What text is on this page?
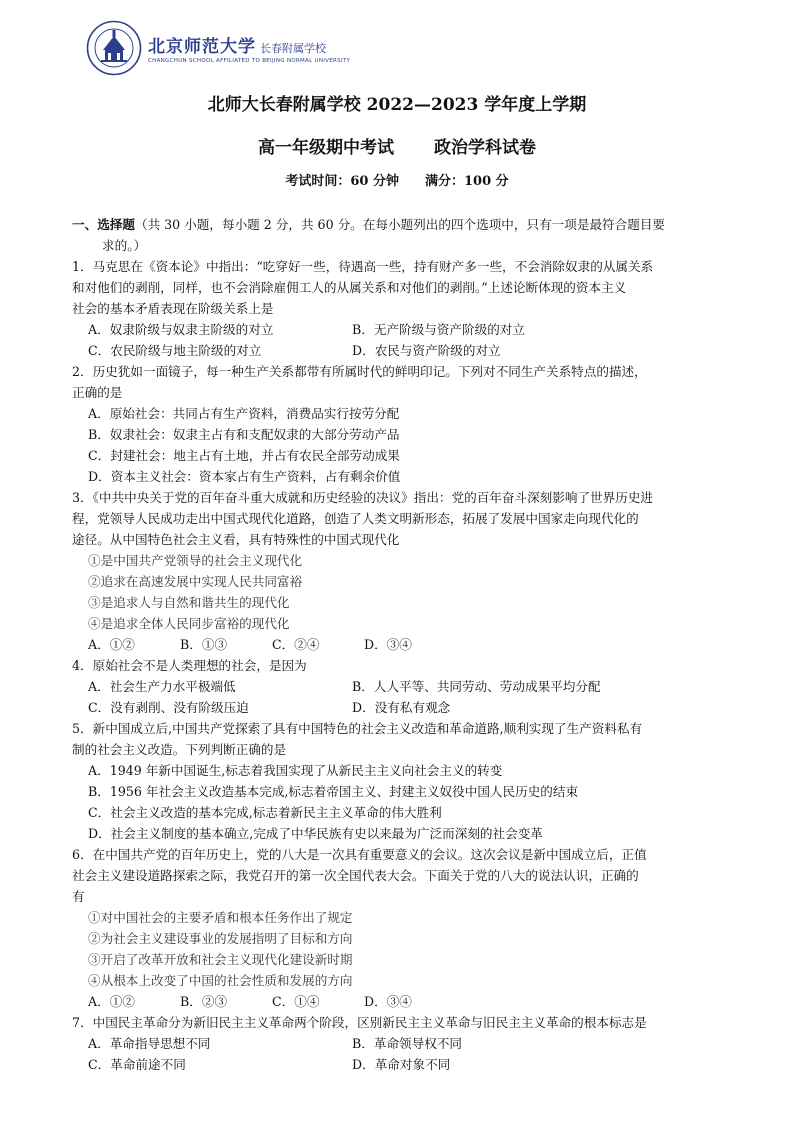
北京师范大学 长春附属学校
CHANGCHUN SCHOOL AFFILIATED TO BEIJING NORMAL UNIVERSITY
北师大长春附属学校 2022—2023 学年度上学期
高一年级期中考试 政治学科试卷
考试时间：60 分钟 满分：100 分
一、选择题（共 30 小题，每小题 2 分，共 60 分。在每小题列出的四个选项中，只有一项是最符合题目要
求的。）
1．马克思在《资本论》中指出：“吃穿好一些，待遇高一些，持有财产多一些，不会消除奴隶的从属关系
和对他们的剥削，同样，也不会消除雇佣工人的从属关系和对他们的剥削。”上述论断体现的资本主义
社会的基本矛盾表现在阶级关系上是
A．奴隶阶级与奴隶主阶级的对立	B．无产阶级与资产阶级的对立
C．农民阶级与地主阶级的对立	D．农民与资产阶级的对立
2．历史犹如一面镜子，每一种生产关系都带有所属时代的鲜明印记。下列对不同生产关系特点的描述，
正确的是
A．原始社会：共同占有生产资料，消费品实行按劳分配
B．奴隶社会：奴隶主占有和支配奴隶的大部分劳动产品
C．封建社会：地主占有土地，并占有农民全部劳动成果
D．资本主义社会：资本家占有生产资料，占有剩余价值
3．《中共中央关于党的百年奋斗重大成就和历史经验的决议》指出：党的百年奋斗深刻影响了世界历史进
程，党领导人民成功走出中国式现代化道路，创造了人类文明新形态，拓展了发展中国家走向现代化的
途径。从中国特色社会主义看，具有特殊性的中国式现代化
①是中国共产党领导的社会主义现代化
②追求在高速发展中实现人民共同富裕
③是追求人与自然和谐共生的现代化
④是追求全体人民同步富裕的现代化
A．①②	B．①③	C．②④	D．③④
4．原始社会不是人类理想的社会，是因为
A．社会生产力水平极端低	B．人人平等、共同劳动、劳动成果平均分配
C．没有剥削、没有阶级压迫	D．没有私有观念
5．新中国成立后,中国共产党探索了具有中国特色的社会主义改造和革命道路,顺利实现了生产资料私有
制的社会主义改造。下列判断正确的是
A．1949 年新中国诞生,标志着我国实现了从新民主主义向社会主义的转变
B．1956 年社会主义改造基本完成,标志着帝国主义、封建主义奴役中国人民历史的结束
C．社会主义改造的基本完成,标志着新民主主义革命的伟大胜利
D．社会主义制度的基本确立,完成了中华民族有史以来最为广泛而深刻的社会变革
6．在中国共产党的百年历史上，党的八大是一次具有重要意义的会议。这次会议是新中国成立后，正值
社会主义建设道路探索之际，我党召开的第一次全国代表大会。下面关于党的八大的说法认识，正确的
有
①对中国社会的主要矛盾和根本任务作出了规定
②为社会主义建设事业的发展指明了目标和方向
③开启了改革开放和社会主义现代化建设新时期
④从根本上改变了中国的社会性质和发展的方向
A．①②	B．②③	C．①④	D．③④
7．中国民主革命分为新旧民主主义革命两个阶段，区别新民主主义革命与旧民主主义革命的根本标志是
A．革命指导思想不同	B．革命领导权不同
C．革命前途不同	D．革命对象不同
